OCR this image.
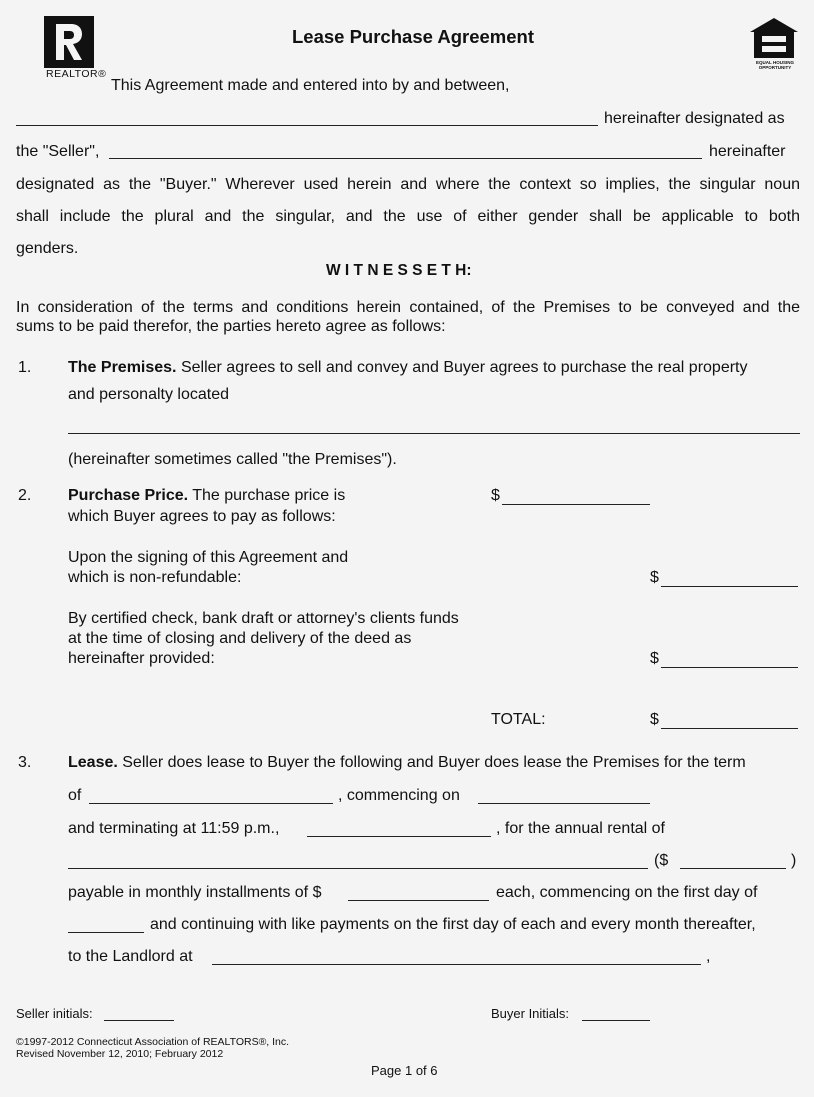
REALTOR®
Lease Purchase Agreement
EQUAL HOUSING OPPORTUNITY
This Agreement made and entered into by and between,
hereinafter designated as
the "Seller",	hereinafter
designated as the "Buyer." Wherever used herein and where the context so implies, the singular noun
shall include the plural and the singular, and the use of either gender shall be applicable to both
genders.
W I T N E S S E T H:
In consideration of the terms and conditions herein contained, of the Premises to be conveyed and the
sums to be paid therefor, the parties hereto agree as follows:
1. The Premises. Seller agrees to sell and convey and Buyer agrees to purchase the real property
and personalty located
(hereinafter sometimes called "the Premises").
2. Purchase Price. The purchase price is
which Buyer agrees to pay as follows:
$
Upon the signing of this Agreement and
which is non-refundable:	$
By certified check, bank draft or attorney's clients funds
at the time of closing and delivery of the deed as
hereinafter provided:	$
TOTAL:	$
3. Lease. Seller does lease to Buyer the following and Buyer does lease the Premises for the term
of	, commencing on
and terminating at 11:59 p.m.,	, for the annual rental of
($	)
payable in monthly installments of $	each, commencing on the first day of
and continuing with like payments on the first day of each and every month thereafter,
to the Landlord at	,
Seller initials:	Buyer Initials:
©1997-2012 Connecticut Association of REALTORS®, Inc.
Revised November 12, 2010; February 2012
Page 1 of 6
